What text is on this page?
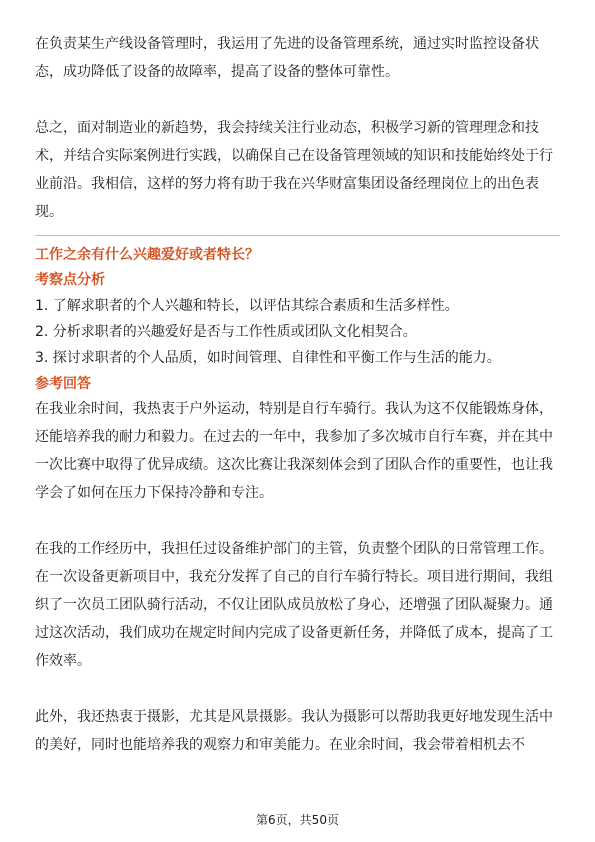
在负责某生产线设备管理时，我运用了先进的设备管理系统，通过实时监控设备状态，成功降低了设备的故障率，提高了设备的整体可靠性。

总之，面对制造业的新趋势，我会持续关注行业动态，积极学习新的管理理念和技术，并结合实际案例进行实践，以确保自己在设备管理领域的知识和技能始终处于行业前沿。我相信，这样的努力将有助于我在兴华财富集团设备经理岗位上的出色表现。

工作之余有什么兴趣爱好或者特长？

考察点分析

1. 了解求职者的个人兴趣和特长，以评估其综合素质和生活多样性。
2. 分析求职者的兴趣爱好是否与工作性质或团队文化相契合。
3. 探讨求职者的个人品质，如时间管理、自律性和平衡工作与生活的能力。

参考回答

在我业余时间，我热衷于户外运动，特别是自行车骑行。我认为这不仅能锻炼身体，还能培养我的耐力和毅力。在过去的一年中，我参加了多次城市自行车赛，并在其中一次比赛中取得了优异成绩。这次比赛让我深刻体会到了团队合作的重要性，也让我学会了如何在压力下保持冷静和专注。

在我的工作经历中，我担任过设备维护部门的主管，负责整个团队的日常管理工作。在一次设备更新项目中，我充分发挥了自己的自行车骑行特长。项目进行期间，我组织了一次员工团队骑行活动，不仅让团队成员放松了身心，还增强了团队凝聚力。通过这次活动，我们成功在规定时间内完成了设备更新任务，并降低了成本，提高了工作效率。

此外，我还热衷于摄影，尤其是风景摄影。我认为摄影可以帮助我更好地发现生活中的美好，同时也能培养我的观察力和审美能力。在业余时间，我会带着相机去不

第6页，共50页
